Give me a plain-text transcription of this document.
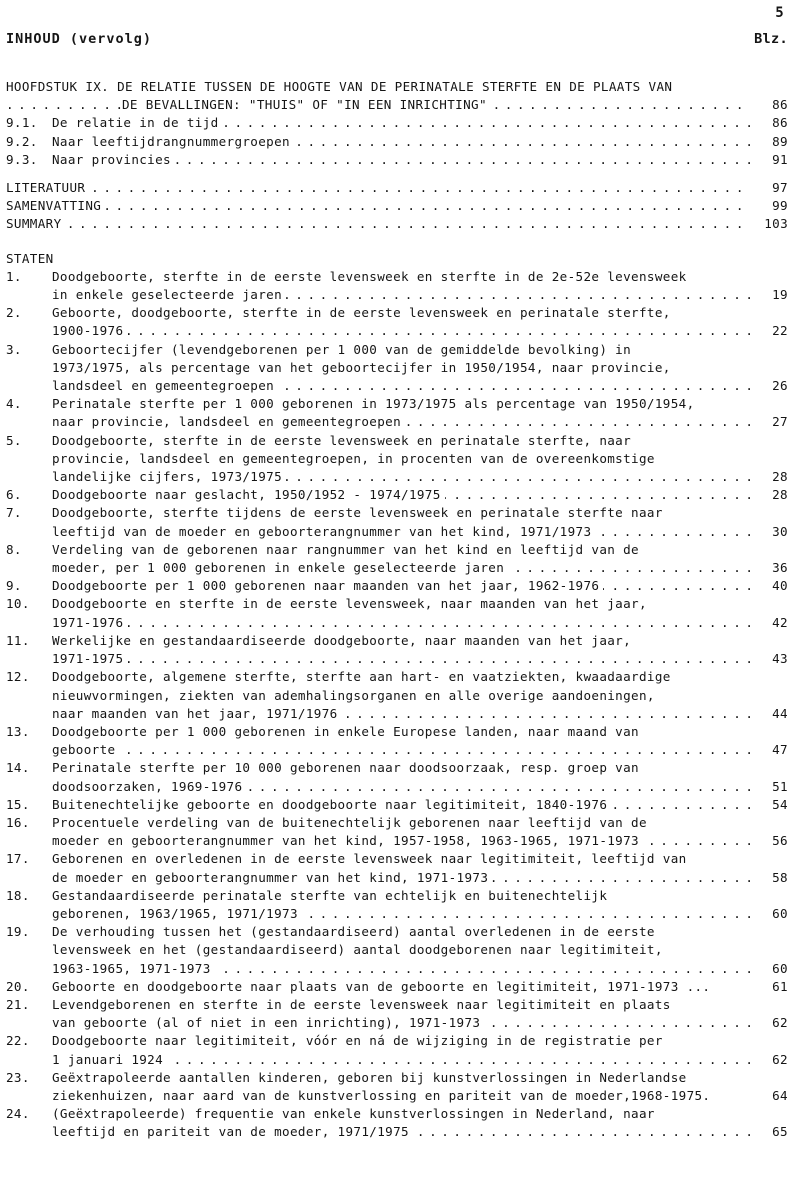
5
INHOUD (vervolg)	Blz.
HOOFDSTUK IX.
DE RELATIE TUSSEN DE HOOGTE VAN DE PERINATALE STERFTE EN DE PLAATS VAN
DE BEVALLINGEN: "THUIS" OF "IN EEN INRICHTING" . . .	86
9.1.	De relatie in de tijd . . .	86
9.2.	Naar leeftijdrangnummergroepen . . .	89
9.3.	Naar provincies . . .	91
LITERATUUR . . .	97
SAMENVATTING . . .	99
SUMMARY . . .	103
STATEN
1.	Doodgeboorte, sterfte in de eerste levensweek en sterfte in de 2e-52e levensweek
in enkele geselecteerde jaren . . .	19
2.	Geboorte, doodgeboorte, sterfte in de eerste levensweek en perinatale sterfte,
1900-1976 . . .	22
3.	Geboortecijfer (levendgeborenen per 1 000 van de gemiddelde bevolking) in
1973/1975, als percentage van het geboortecijfer in 1950/1954, naar provincie,
landsdeel en gemeentegroepen . . .	26
4.	Perinatale sterfte per 1 000 geborenen in 1973/1975 als percentage van 1950/1954,
naar provincie, landsdeel en gemeentegroepen . . .	27
5.	Doodgeboorte, sterfte in de eerste levensweek en perinatale sterfte, naar
provincie, landsdeel en gemeentegroepen, in procenten van de overeenkomstige
landelijke cijfers, 1973/1975 . . .	28
6.	Doodgeboorte naar geslacht, 1950/1952 - 1974/1975 . . .	28
7.	Doodgeboorte, sterfte tijdens de eerste levensweek en perinatale sterfte naar
leeftijd van de moeder en geboorterangnummer van het kind, 1971/1973 . . .	30
8.	Verdeling van de geborenen naar rangnummer van het kind en leeftijd van de
moeder, per 1 000 geborenen in enkele geselecteerde jaren . . .	36
9.	Doodgeboorte per 1 000 geborenen naar maanden van het jaar, 1962-1976 . . .	40
10.	Doodgeboorte en sterfte in de eerste levensweek, naar maanden van het jaar,
1971-1976 . . .	42
11.	Werkelijke en gestandaardiseerde doodgeboorte, naar maanden van het jaar,
1971-1975 . . .	43
12.	Doodgeboorte, algemene sterfte, sterfte aan hart- en vaatziekten, kwaadaardige
nieuwvormingen, ziekten van ademhalingsorganen en alle overige aandoeningen,
naar maanden van het jaar, 1971/1976 . . .	44
13.	Doodgeboorte per 1 000 geborenen in enkele Europese landen, naar maand van
geboorte . . .	47
14.	Perinatale sterfte per 10 000 geborenen naar doodsoorzaak, resp. groep van
doodsoorzaken, 1969-1976 . . .	51
15.	Buitenechtelijke geboorte en doodgeboorte naar legitimiteit, 1840-1976 . . .	54
16.	Procentuele verdeling van de buitenechtelijk geborenen naar leeftijd van de
moeder en geboorterangnummer van het kind, 1957-1958, 1963-1965, 1971-1973 . . .	56
17.	Geborenen en overledenen in de eerste levensweek naar legitimiteit, leeftijd van
de moeder en geboorterangnummer van het kind, 1971-1973 . . .	58
18.	Gestandaardiseerde perinatale sterfte van echtelijk en buitenechtelijk
geborenen, 1963/1965, 1971/1973 . . .	60
19.	De verhouding tussen het (gestandaardiseerd) aantal overledenen in de eerste
levensweek en het (gestandaardiseerd) aantal doodgeborenen naar legitimiteit,
1963-1965, 1971-1973 . . .	60
20.	Geboorte en doodgeboorte naar plaats van de geboorte en legitimiteit, 1971-1973 ...	61
21.	Levendgeborenen en sterfte in de eerste levensweek naar legitimiteit en plaats
van geboorte (al of niet in een inrichting), 1971-1973 . . .	62
22.	Doodgeboorte naar legitimiteit, vóór en ná de wijziging in de registratie per
1 januari 1924 . . .	62
23.	Geëxtrapoleerde aantallen kinderen, geboren bij kunstverlossingen in Nederlandse
ziekenhuizen, naar aard van de kunstverlossing en pariteit van de moeder,1968-1975.	64
24.	(Geëxtrapoleerde) frequentie van enkele kunstverlossingen in Nederland, naar
leeftijd en pariteit van de moeder, 1971/1975 . . .	65
